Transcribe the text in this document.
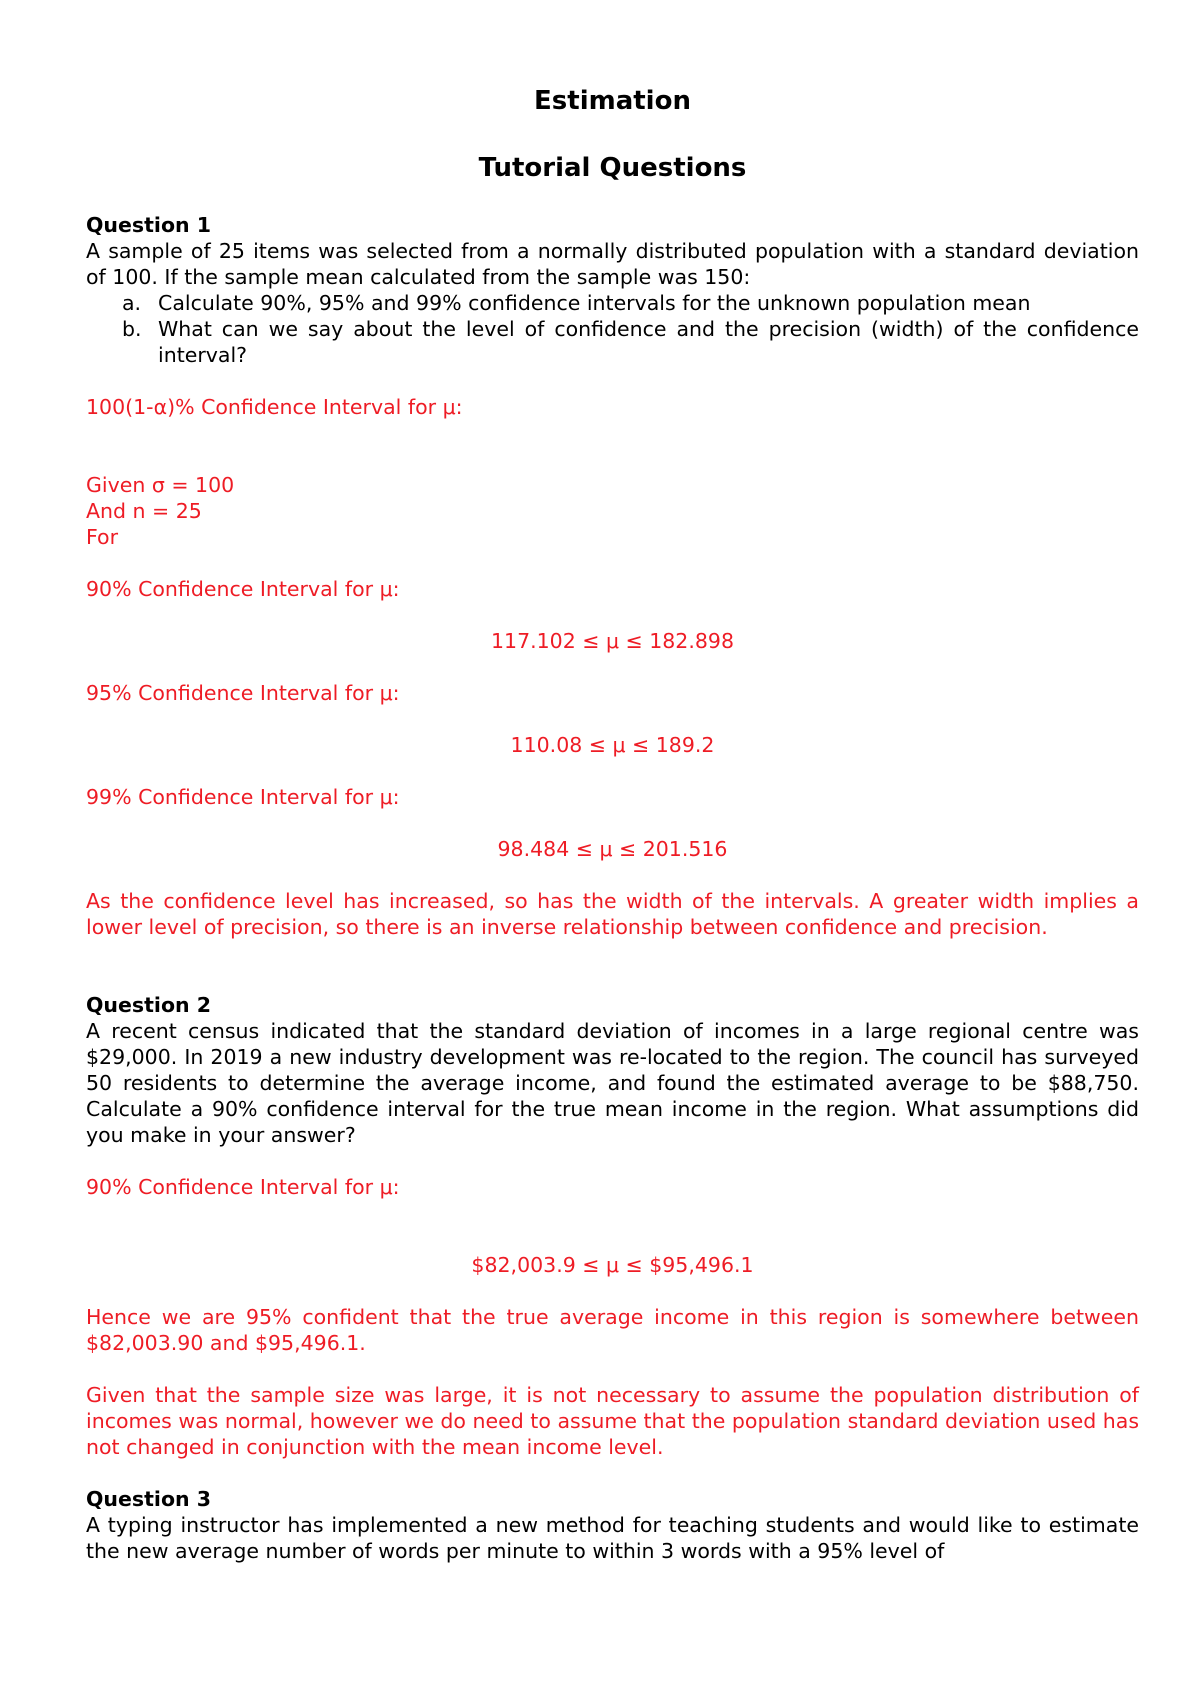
Estimation
Tutorial Questions

Question 1

A sample of 25 items was selected from a normally distributed population with a standard deviation of 100. If the sample mean calculated from the sample was 150:

a. Calculate 90%, 95% and 99% confidence intervals for the unknown population mean
b. What can we say about the level of confidence and the precision (width) of the confidence interval?

100(1-α)% Confidence Interval for μ:

Given σ = 100

And n = 25

For

90% Confidence Interval for μ:

117.102 ≤ μ ≤ 182.898

95% Confidence Interval for μ:

110.08 ≤ μ ≤ 189.2

99% Confidence Interval for μ:

98.484 ≤ μ ≤ 201.516

As the confidence level has increased, so has the width of the intervals. A greater width implies a lower level of precision, so there is an inverse relationship between confidence and precision.

Question 2

A recent census indicated that the standard deviation of incomes in a large regional centre was $29,000. In 2019 a new industry development was re-located to the region. The council has surveyed 50 residents to determine the average income, and found the estimated average to be $88,750. Calculate a 90% confidence interval for the true mean income in the region. What assumptions did you make in your answer?

90% Confidence Interval for μ:

$82,003.9 ≤ μ ≤ $95,496.1

Hence we are 95% confident that the true average income in this region is somewhere between $82,003.90 and $95,496.1.

Given that the sample size was large, it is not necessary to assume the population distribution of incomes was normal, however we do need to assume that the population standard deviation used has not changed in conjunction with the mean income level.

Question 3

A typing instructor has implemented a new method for teaching students and would like to estimate the new average number of words per minute to within 3 words with a 95% level of
